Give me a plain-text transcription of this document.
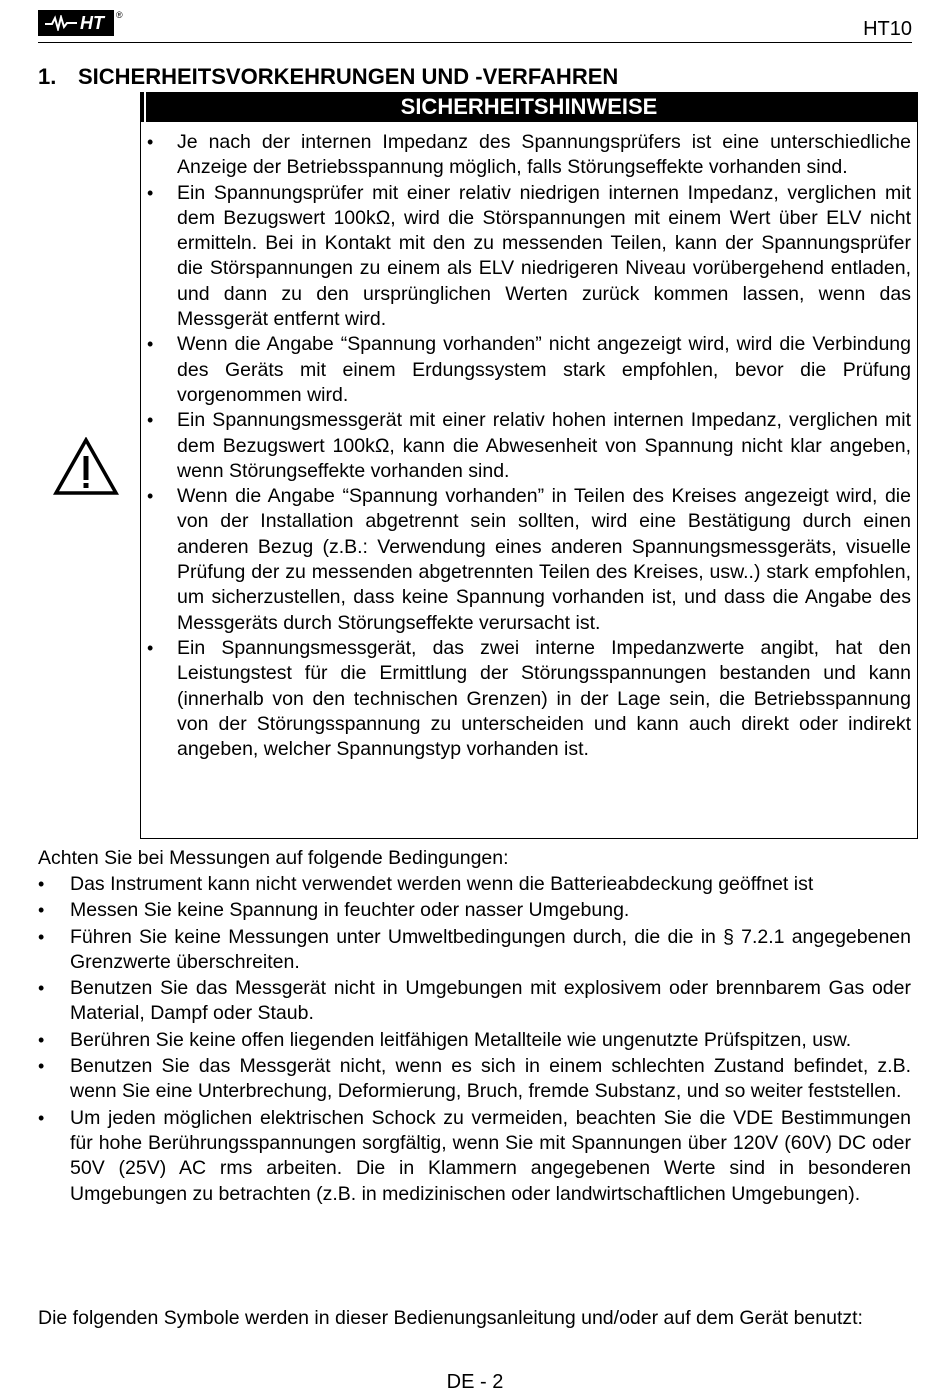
HT ®
HT10
1. SICHERHEITSVORKEHRUNGEN UND -VERFAHREN
SICHERHEITSHINWEISE
• Je nach der internen Impedanz des Spannungsprüfers ist eine unterschiedliche Anzeige der Betriebsspannung möglich, falls Störungseffekte vorhanden sind.
• Ein Spannungsprüfer mit einer relativ niedrigen internen Impedanz, verglichen mit dem Bezugswert 100kΩ, wird die Störspannungen mit einem Wert über ELV nicht ermitteln. Bei in Kontakt mit den zu messenden Teilen, kann der Spannungsprüfer die Störspannungen zu einem als ELV niedrigeren Niveau vorübergehend entladen, und dann zu den ursprünglichen Werten zurück kommen lassen, wenn das Messgerät entfernt wird.
• Wenn die Angabe “Spannung vorhanden” nicht angezeigt wird, wird die Verbindung des Geräts mit einem Erdungssystem stark empfohlen, bevor die Prüfung vorgenommen wird.
• Ein Spannungsmessgerät mit einer relativ hohen internen Impedanz, verglichen mit dem Bezugswert 100kΩ, kann die Abwesenheit von Spannung nicht klar angeben, wenn Störungseffekte vorhanden sind.
• Wenn die Angabe “Spannung vorhanden” in Teilen des Kreises angezeigt wird, die von der Installation abgetrennt sein sollten, wird eine Bestätigung durch einen anderen Bezug (z.B.: Verwendung eines anderen Spannungsmessgeräts, visuelle Prüfung der zu messenden abgetrennten Teilen des Kreises, usw..) stark empfohlen, um sicherzustellen, dass keine Spannung vorhanden ist, und dass die Angabe des Messgeräts durch Störungseffekte verursacht ist.
• Ein Spannungsmessgerät, das zwei interne Impedanzwerte angibt, hat den Leistungstest für die Ermittlung der Störungsspannungen bestanden und kann (innerhalb von den technischen Grenzen) in der Lage sein, die Betriebsspannung von der Störungsspannung zu unterscheiden und kann auch direkt oder indirekt angeben, welcher Spannungstyp vorhanden ist.
Achten Sie bei Messungen auf folgende Bedingungen:
• Das Instrument kann nicht verwendet werden wenn die Batterieabdeckung geöffnet ist
• Messen Sie keine Spannung in feuchter oder nasser Umgebung.
• Führen Sie keine Messungen unter Umweltbedingungen durch, die die in § 7.2.1 angegebenen Grenzwerte überschreiten.
• Benutzen Sie das Messgerät nicht in Umgebungen mit explosivem oder brennbarem Gas oder Material, Dampf oder Staub.
• Berühren Sie keine offen liegenden leitfähigen Metallteile wie ungenutzte Prüfspitzen, usw.
• Benutzen Sie das Messgerät nicht, wenn es sich in einem schlechten Zustand befindet, z.B. wenn Sie eine Unterbrechung, Deformierung, Bruch, fremde Substanz, und so weiter feststellen.
• Um jeden möglichen elektrischen Schock zu vermeiden, beachten Sie die VDE Bestimmungen für hohe Berührungsspannungen sorgfältig, wenn Sie mit Spannungen über 120V (60V) DC oder 50V (25V) AC rms arbeiten. Die in Klammern angegebenen Werte sind in besonderen Umgebungen zu betrachten (z.B. in medizinischen oder landwirtschaftlichen Umgebungen).
Die folgenden Symbole werden in dieser Bedienungsanleitung und/oder auf dem Gerät benutzt:
DE - 2
